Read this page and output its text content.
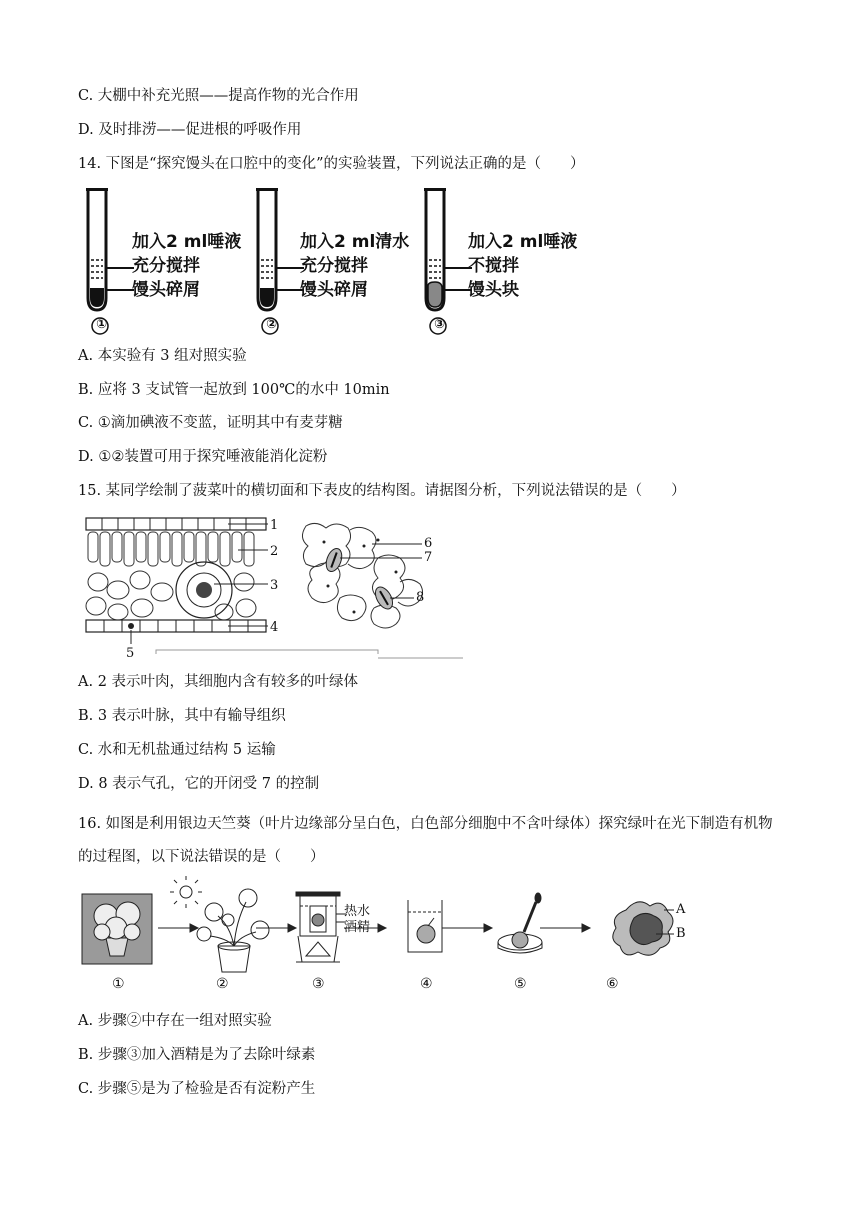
C. 大棚中补充光照——提高作物的光合作用
D. 及时排涝——促进根的呼吸作用
14. 下图是“探究馒头在口腔中的变化”的实验装置，下列说法正确的是（　　）
①
加入2 ml唾液
充分搅拌
馒头碎屑
②
加入2 ml清水
充分搅拌
馒头碎屑
③
加入2 ml唾液
不搅拌
馒头块
A. 本实验有 3 组对照实验
B. 应将 3 支试管一起放到 100℃的水中 10min
C. ①滴加碘液不变蓝，证明其中有麦芽糖
D. ①②装置可用于探究唾液能消化淀粉
15. 某同学绘制了菠菜叶的横切面和下表皮的结构图。请据图分析，下列说法错误的是（　　）
1
2
3
4
5
6
7
8
A. 2 表示叶肉，其细胞内含有较多的叶绿体
B. 3 表示叶脉，其中有输导组织
C. 水和无机盐通过结构 5 运输
D. 8 表示气孔，它的开闭受 7 的控制
16. 如图是利用银边天竺葵（叶片边缘部分呈白色，白色部分细胞中不含叶绿体）探究绿叶在光下制造有机物的过程图，以下说法错误的是（　　）
热水
酒精
A
B
①	②	③	④	⑤	⑥
A. 步骤②中存在一组对照实验
B. 步骤③加入酒精是为了去除叶绿素
C. 步骤⑤是为了检验是否有淀粉产生
